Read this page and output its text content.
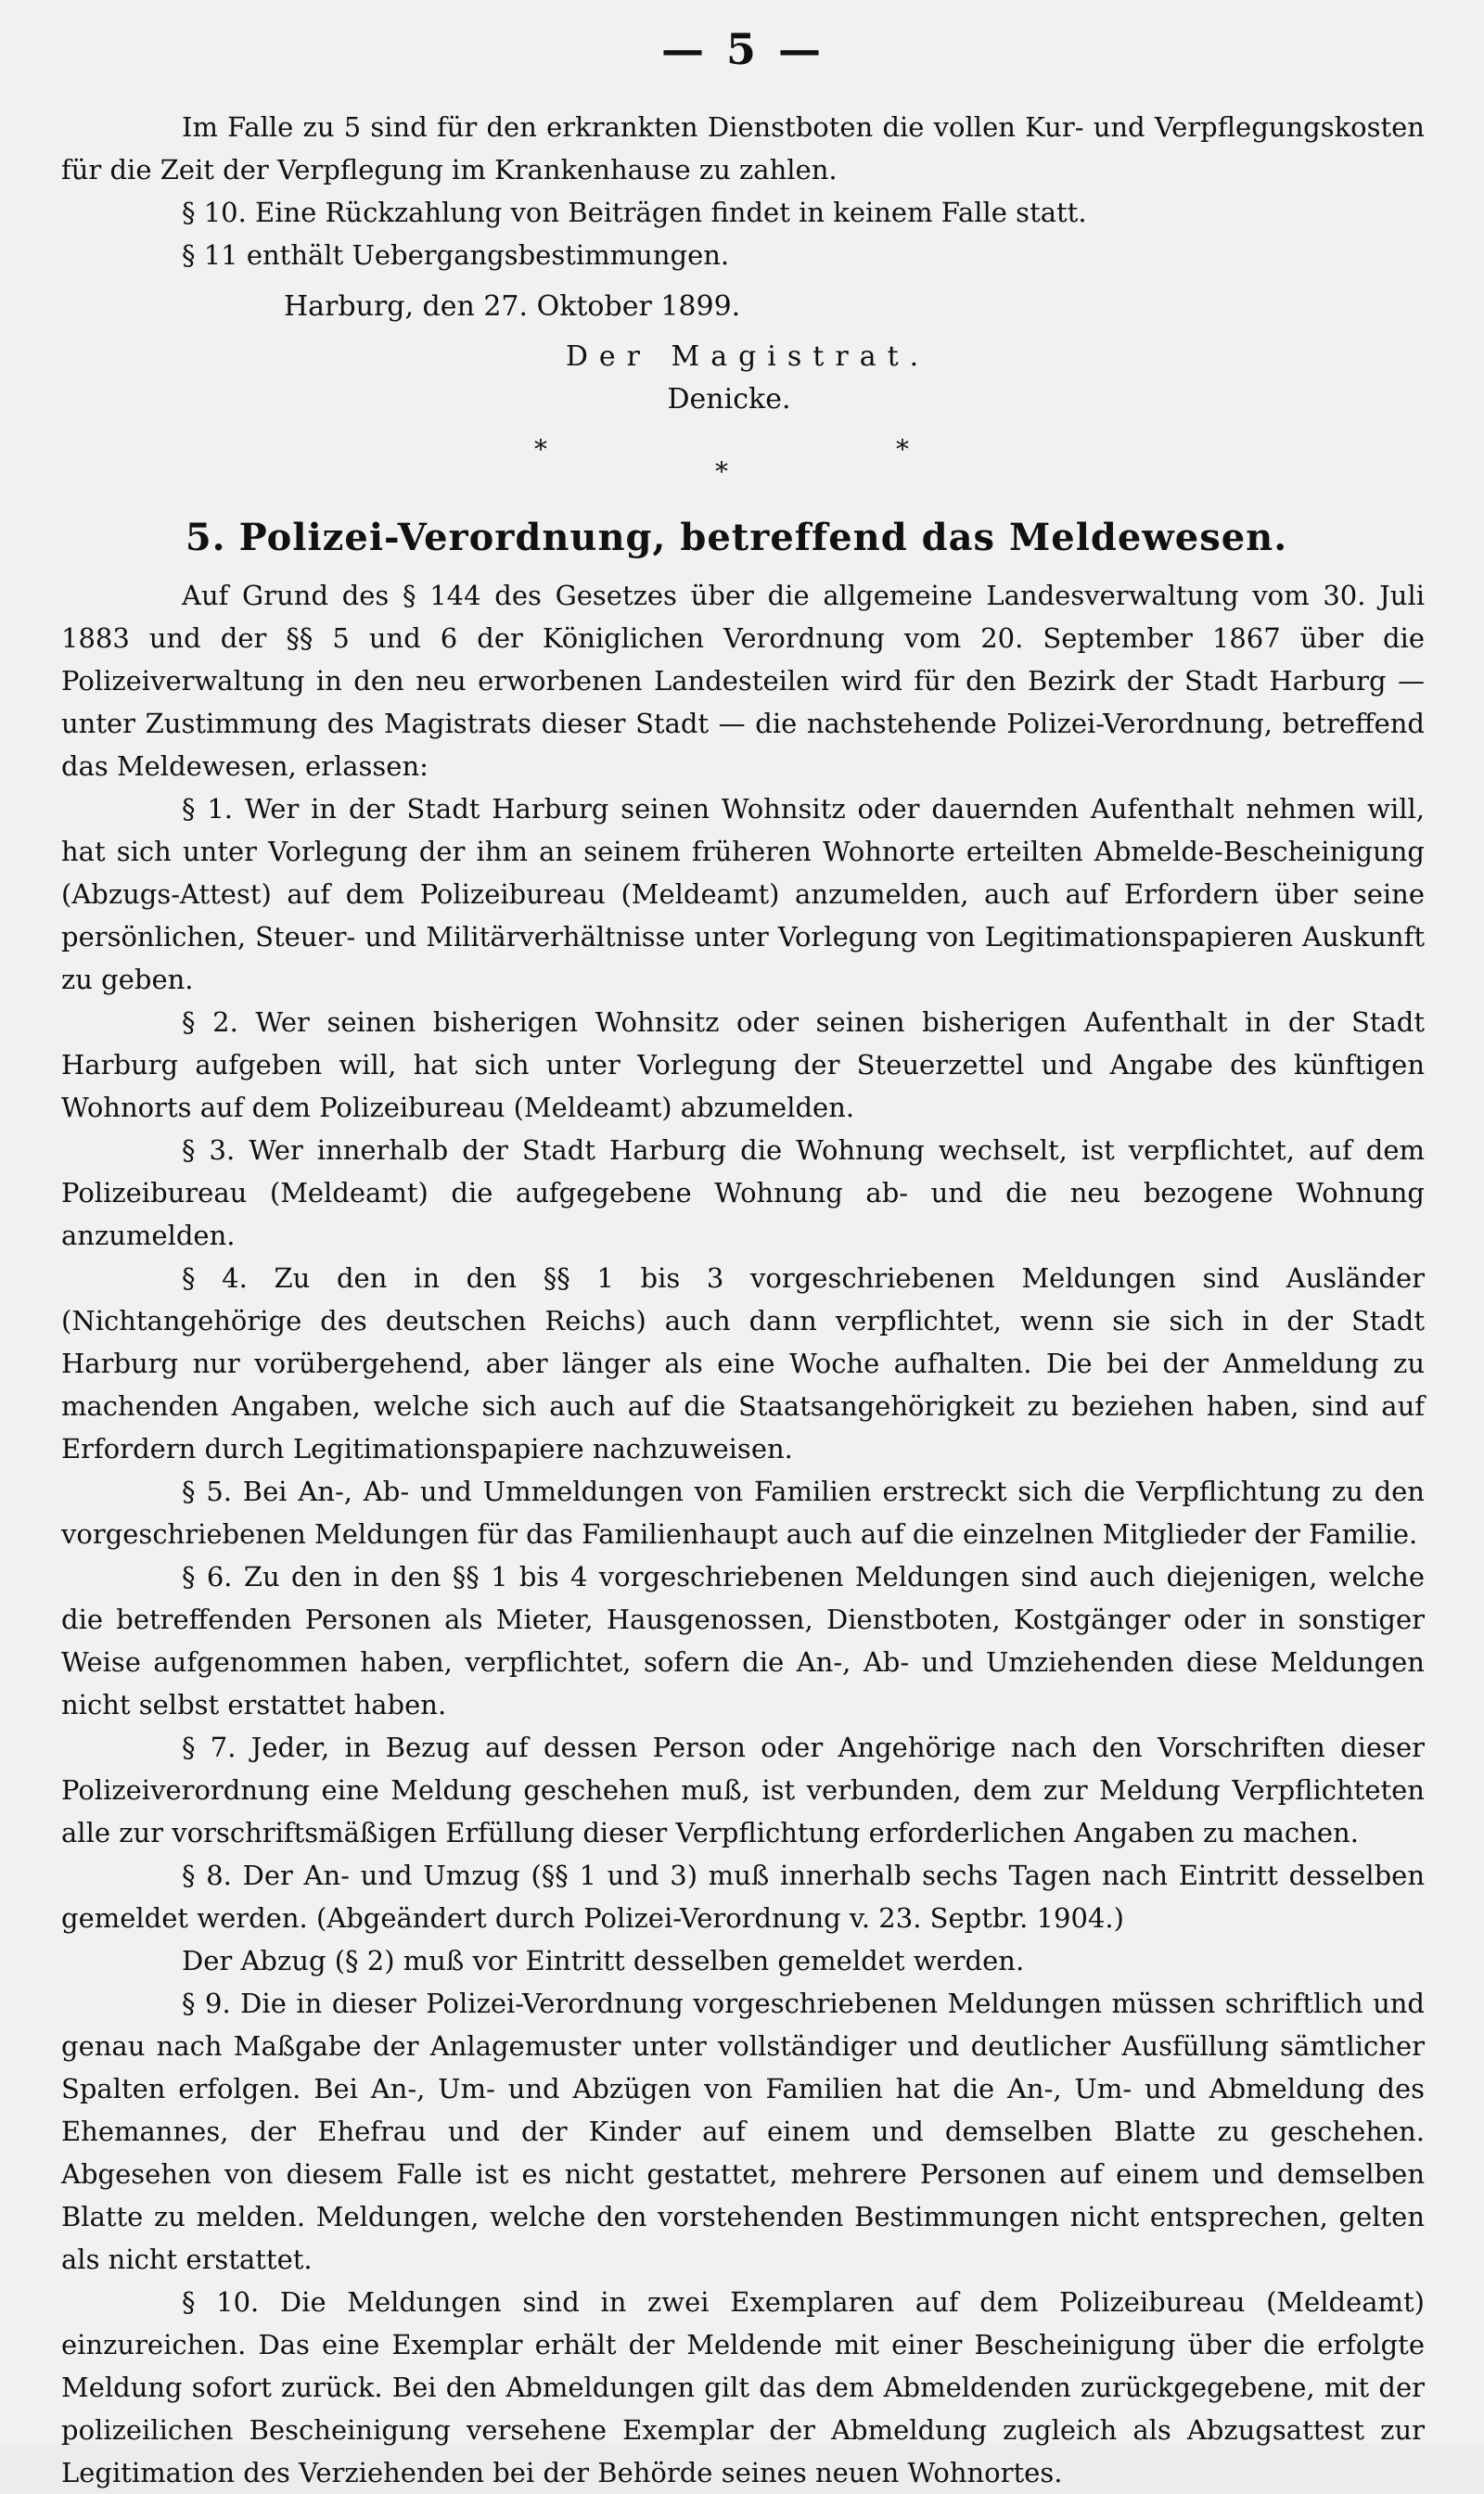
— 5 —

Im Falle zu 5 sind für den erkrankten Dienstboten die vollen Kur- und Verpflegungskosten für die Zeit der Verpflegung im Krankenhause zu zahlen.

§ 10. Eine Rückzahlung von Beiträgen findet in keinem Falle statt.

§ 11 enthält Uebergangsbestimmungen.

Harburg, den 27. Oktober 1899.

Der Magistrat.
Denicke.
*	*
*
5. Polizei-Verordnung, betreffend das Meldewesen.

Auf Grund des § 144 des Gesetzes über die allgemeine Landesverwaltung vom 30. Juli 1883 und der §§ 5 und 6 der Königlichen Verordnung vom 20. September 1867 über die Polizeiverwaltung in den neu erworbenen Landesteilen wird für den Bezirk der Stadt Harburg — unter Zustimmung des Magistrats dieser Stadt — die nachstehende Polizei-Verordnung, betreffend das Meldewesen, erlassen:

§ 1. Wer in der Stadt Harburg seinen Wohnsitz oder dauernden Aufenthalt nehmen will, hat sich unter Vorlegung der ihm an seinem früheren Wohnorte erteilten Abmelde-Bescheinigung (Abzugs-Attest) auf dem Polizeibureau (Meldeamt) anzumelden, auch auf Erfordern über seine persönlichen, Steuer- und Militärverhältnisse unter Vorlegung von Legitimationspapieren Auskunft zu geben.

§ 2. Wer seinen bisherigen Wohnsitz oder seinen bisherigen Aufenthalt in der Stadt Harburg aufgeben will, hat sich unter Vorlegung der Steuerzettel und Angabe des künftigen Wohnorts auf dem Polizeibureau (Meldeamt) abzumelden.

§ 3. Wer innerhalb der Stadt Harburg die Wohnung wechselt, ist verpflichtet, auf dem Polizeibureau (Meldeamt) die aufgegebene Wohnung ab- und die neu bezogene Wohnung anzumelden.

§ 4. Zu den in den §§ 1 bis 3 vorgeschriebenen Meldungen sind Ausländer (Nichtangehörige des deutschen Reichs) auch dann verpflichtet, wenn sie sich in der Stadt Harburg nur vorübergehend, aber länger als eine Woche aufhalten. Die bei der Anmeldung zu machenden Angaben, welche sich auch auf die Staatsangehörigkeit zu beziehen haben, sind auf Erfordern durch Legitimationspapiere nachzuweisen.

§ 5. Bei An-, Ab- und Ummeldungen von Familien erstreckt sich die Verpflichtung zu den vorgeschriebenen Meldungen für das Familienhaupt auch auf die einzelnen Mitglieder der Familie.

§ 6. Zu den in den §§ 1 bis 4 vorgeschriebenen Meldungen sind auch diejenigen, welche die betreffenden Personen als Mieter, Hausgenossen, Dienstboten, Kostgänger oder in sonstiger Weise aufgenommen haben, verpflichtet, sofern die An-, Ab- und Umziehenden diese Meldungen nicht selbst erstattet haben.

§ 7. Jeder, in Bezug auf dessen Person oder Angehörige nach den Vorschriften dieser Polizeiverordnung eine Meldung geschehen muß, ist verbunden, dem zur Meldung Verpflichteten alle zur vorschriftsmäßigen Erfüllung dieser Verpflichtung erforderlichen Angaben zu machen.

§ 8. Der An- und Umzug (§§ 1 und 3) muß innerhalb sechs Tagen nach Eintritt desselben gemeldet werden. (Abgeändert durch Polizei-Verordnung v. 23. Septbr. 1904.)

Der Abzug (§ 2) muß vor Eintritt desselben gemeldet werden.

§ 9. Die in dieser Polizei-Verordnung vorgeschriebenen Meldungen müssen schriftlich und genau nach Maßgabe der Anlagemuster unter vollständiger und deutlicher Ausfüllung sämtlicher Spalten erfolgen. Bei An-, Um- und Abzügen von Familien hat die An-, Um- und Abmeldung des Ehemannes, der Ehefrau und der Kinder auf einem und demselben Blatte zu geschehen. Abgesehen von diesem Falle ist es nicht gestattet, mehrere Personen auf einem und demselben Blatte zu melden. Meldungen, welche den vorstehenden Bestimmungen nicht entsprechen, gelten als nicht erstattet.

§ 10. Die Meldungen sind in zwei Exemplaren auf dem Polizeibureau (Meldeamt) einzureichen. Das eine Exemplar erhält der Meldende mit einer Bescheinigung über die erfolgte Meldung sofort zurück. Bei den Abmeldungen gilt das dem Abmeldenden zurückgegebene, mit der polizeilichen Bescheinigung versehene Exemplar der Abmeldung zugleich als Abzugsattest zur Legitimation des Verziehenden bei der Behörde seines neuen Wohnortes.
